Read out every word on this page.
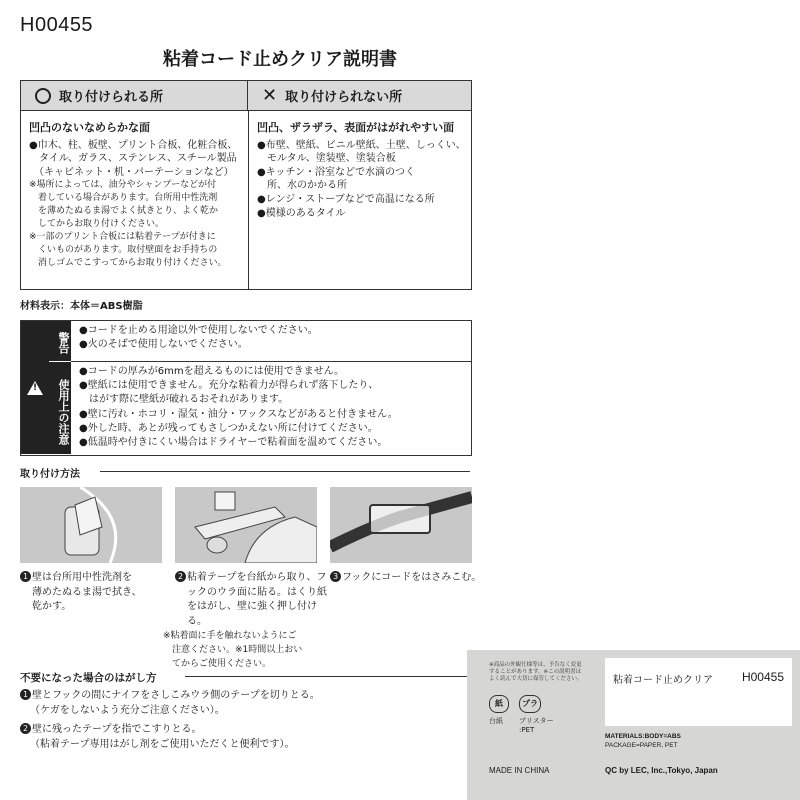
H00455
粘着コード止めクリア説明書
取り付けられる所	✕ 取り付けられない所
凹凸のないなめらかな面
●巾木、柱、板壁、プリント合板、化粧合板、
　タイル、ガラス、ステンレス、スチール製品
　（キャビネット・机・パーテーションなど）
※場所によっては、油分やシャンプーなどが付
　着している場合があります。台所用中性洗剤
　を薄めたぬるま湯でよく拭きとり、よく乾か
　してからお取り付けください。
※一部のプリント合板には粘着テープが付きに
　くいものがあります。取付壁面をお手持ちの
　消しゴムでこすってからお取り付けください。
凹凸、ザラザラ、表面がはがれやすい面
●布壁、壁紙、ビニル壁紙、土壁、しっくい、
　モルタル、塗装壁、塗装合板
●キッチン・浴室などで水滴のつく
　所、水のかかる所
●レンジ・ストーブなどで高温になる所
●模様のあるタイル
材料表示：本体＝ABS樹脂
!
警告
使用上の注意
●コードを止める用途以外で使用しないでください。
●火のそばで使用しないでください。
●コードの厚みが6mmを超えるものには使用できません。
●壁紙には使用できません。充分な粘着力が得られず落下したり、
　はがす際に壁紙が破れるおそれがあります。
●壁に汚れ・ホコリ・湿気・油分・ワックスなどがあると付きません。
●外した時、あとが残ってもさしつかえない所に付けてください。
●低温時や付きにくい場合はドライヤーで粘着面を温めてください。
取り付け方法
1 壁は台所用中性洗剤を
薄めたぬるま湯で拭き、
乾かす。
2 粘着テープを台紙から取り、フ
ックのウラ面に貼る。はくり紙
をはがし、壁に強く押し付ける。
※粘着面に手を触れないようにご
　注意ください。※1時間以上おい
　てからご使用ください。
3 フックにコードをはさみこむ。
不要になった場合のはがし方
1 壁とフックの間にナイフをさしこみウラ側のテープを切りとる。
（ケガをしないよう充分ご注意ください）。
2 壁に残ったテープを指でこすりとる。
（粘着テープ専用はがし剤をご使用いただくと便利です）。
※商品の外観仕様等は、予告なく変更
することがあります。※この説明書は
よく読んで大切に保管してください。
紙
台紙
プラ
ブリスター
:PET
粘着コード止めクリア H00455
MATERIALS:BODY=ABS
PACKAGE=PAPER, PET
MADE IN CHINA	QC by LEC, Inc.,Tokyo, Japan
